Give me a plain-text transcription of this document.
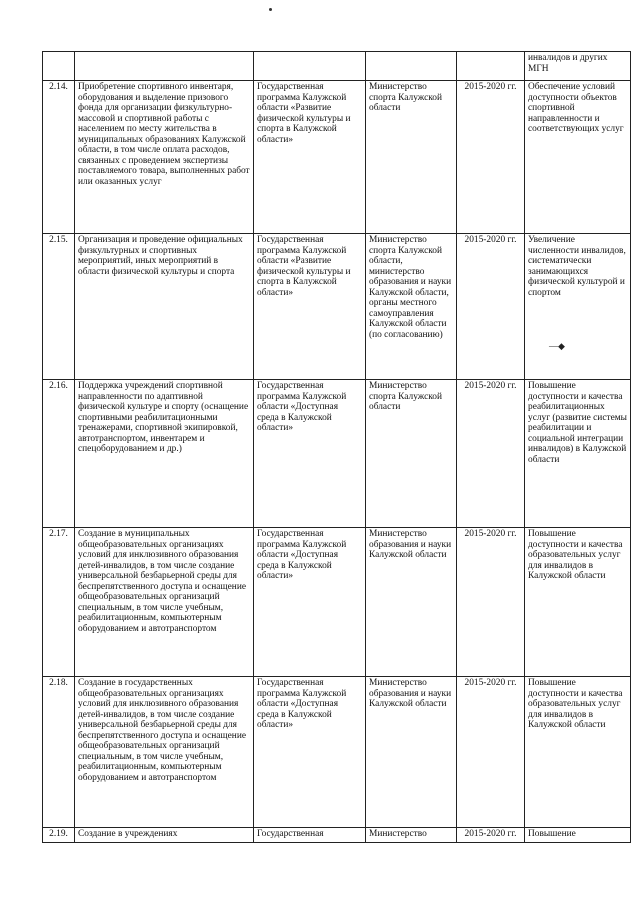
					инвалидов и других МГН
2.14.	Приобретение спортивного инвентаря, оборудования и выделение призового фонда для организации физкультурно-массовой и спортивной работы с населением по месту жительства в муниципальных образованиях Калужской области, в том числе оплата расходов, связанных с проведением экспертизы поставляемого товара, выполненных работ или оказанных услуг	Государственная программа Калужской области «Развитие физической культуры и спорта в Калужской области»	Министерство спорта Калужской области	2015-2020 гг.	Обеспечение условий доступности объектов спортивной направленности и соответствующих услуг
2.15.	Организация и проведение официальных физкультурных и спортивных мероприятий, иных мероприятий в области физической культуры и спорта	Государственная программа Калужской области «Развитие физической культуры и спорта в Калужской области»	Министерство спорта Калужской области, министерство образования и науки Калужской области, органы местного самоуправления Калужской области (по согласованию)	2015-2020 гг.	Увеличение численности инвалидов, систематически занимающихся физической культурой и спортом
2.16.	Поддержка учреждений спортивной направленности по адаптивной физической культуре и спорту (оснащение спортивными реабилитационными тренажерами, спортивной экипировкой, автотранспортом, инвентарем и спецоборудованием и др.)	Государственная программа Калужской области «Доступная среда в Калужской области»	Министерство спорта Калужской области	2015-2020 гг.	Повышение доступности и качества реабилитационных услуг (развитие системы реабилитации и социальной интеграции инвалидов) в Калужской области
2.17.	Создание в муниципальных общеобразовательных организациях условий для инклюзивного образования детей-инвалидов, в том числе создание универсальной безбарьерной среды для беспрепятственного доступа и оснащение общеобразовательных организаций специальным, в том числе учебным, реабилитационным, компьютерным оборудованием и автотранспортом	Государственная программа Калужской области «Доступная среда в Калужской области»	Министерство образования и науки Калужской области	2015-2020 гг.	Повышение доступности и качества образовательных услуг для инвалидов в Калужской области
2.18.	Создание в государственных общеобразовательных организациях условий для инклюзивного образования детей-инвалидов, в том числе создание универсальной безбарьерной среды для беспрепятственного доступа и оснащение общеобразовательных организаций специальным, в том числе учебным, реабилитационным, компьютерным оборудованием и автотранспортом	Государственная программа Калужской области «Доступная среда в Калужской области»	Министерство образования и науки Калужской области	2015-2020 гг.	Повышение доступности и качества образовательных услуг для инвалидов в Калужской области
2.19.	Создание в учреждениях	Государственная	Министерство	2015-2020 гг.	Повышение
—◆
